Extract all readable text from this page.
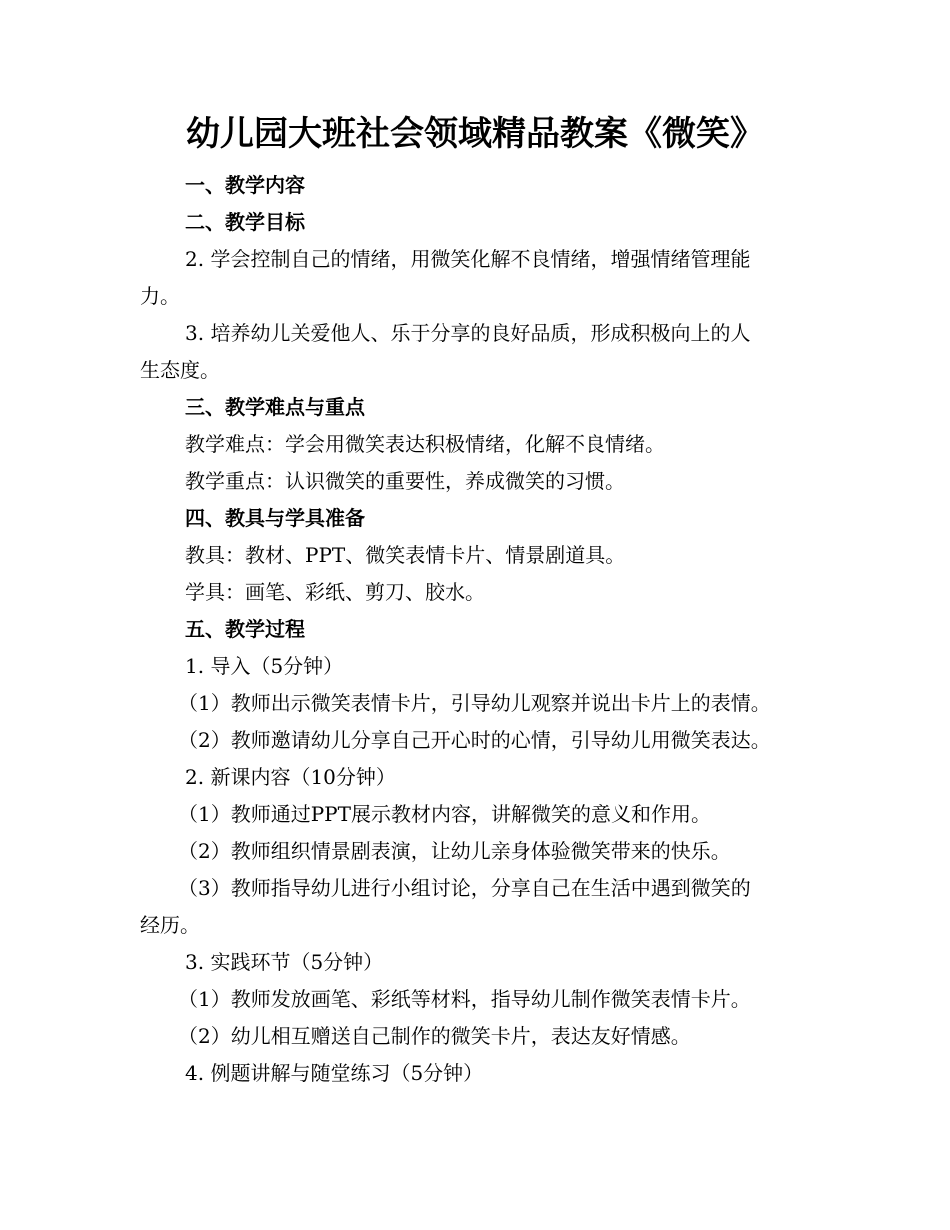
幼儿园大班社会领域精品教案《微笑》
一、教学内容
二、教学目标
2. 学会控制自己的情绪，用微笑化解不良情绪，增强情绪管理能
力。
3. 培养幼儿关爱他人、乐于分享的良好品质，形成积极向上的人
生态度。
三、教学难点与重点
教学难点：学会用微笑表达积极情绪，化解不良情绪。
教学重点：认识微笑的重要性，养成微笑的习惯。
四、教具与学具准备
教具：教材、PPT、微笑表情卡片、情景剧道具。
学具：画笔、彩纸、剪刀、胶水。
五、教学过程
1. 导入（5分钟）
（1）教师出示微笑表情卡片，引导幼儿观察并说出卡片上的表情。
（2）教师邀请幼儿分享自己开心时的心情，引导幼儿用微笑表达。
2. 新课内容（10分钟）
（1）教师通过PPT展示教材内容，讲解微笑的意义和作用。
（2）教师组织情景剧表演，让幼儿亲身体验微笑带来的快乐。
（3）教师指导幼儿进行小组讨论，分享自己在生活中遇到微笑的
经历。
3. 实践环节（5分钟）
（1）教师发放画笔、彩纸等材料，指导幼儿制作微笑表情卡片。
（2）幼儿相互赠送自己制作的微笑卡片，表达友好情感。
4. 例题讲解与随堂练习（5分钟）
